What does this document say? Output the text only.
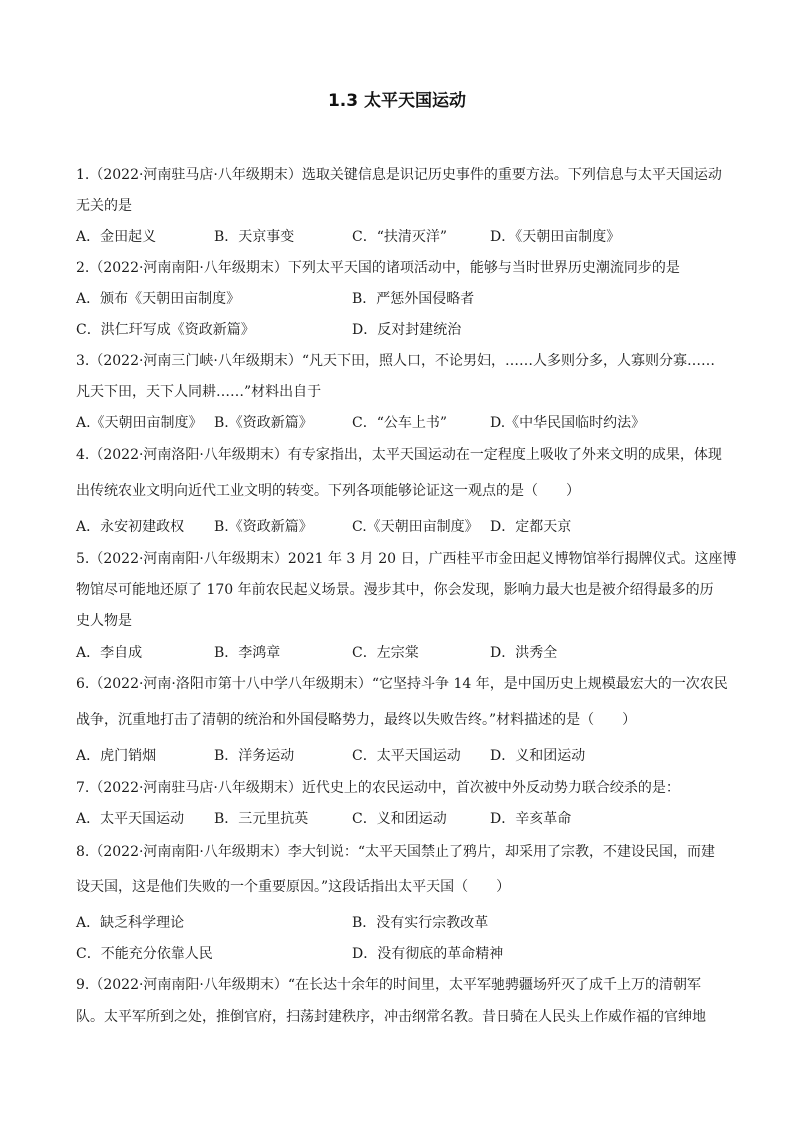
1.3 太平天国运动
1.（2022·河南驻马店·八年级期末）选取关键信息是识记历史事件的重要方法。下列信息与太平天国运动
无关的是
A．金田起义	B．天京事变	C．“扶清灭洋”	D．《天朝田亩制度》
2.（2022·河南南阳·八年级期末）下列太平天国的诸项活动中，能够与当时世界历史潮流同步的是
A．颁布《天朝田亩制度》	B．严惩外国侵略者
C．洪仁玕写成《资政新篇》	D．反对封建统治
3.（2022·河南三门峡·八年级期末）“凡天下田，照人口，不论男妇，……人多则分多，人寡则分寡……
凡天下田，天下人同耕……”材料出自于
A.《天朝田亩制度》 B.《资政新篇》	C．“公车上书”	D.《中华民国临时约法》
4.（2022·河南洛阳·八年级期末）有专家指出，太平天国运动在一定程度上吸收了外来文明的成果，体现
出传统农业文明向近代工业文明的转变。下列各项能够论证这一观点的是（　　）
A．永安初建政权 B.《资政新篇》	C.《天朝田亩制度》 D．定都天京
5.（2022·河南南阳·八年级期末）2021 年 3 月 20 日，广西桂平市金田起义博物馆举行揭牌仪式。这座博
物馆尽可能地还原了 170 年前农民起义场景。漫步其中，你会发现，影响力最大也是被介绍得最多的历
史人物是
A．李自成	B．李鸿章	C．左宗棠	D．洪秀全
6.（2022·河南·洛阳市第十八中学八年级期末）“它坚持斗争 14 年，是中国历史上规模最宏大的一次农民
战争，沉重地打击了清朝的统治和外国侵略势力，最终以失败告终。”材料描述的是（　　）
A．虎门销烟	B．洋务运动	C．太平天国运动 D．义和团运动
7.（2022·河南驻马店·八年级期末）近代史上的农民运动中，首次被中外反动势力联合绞杀的是：
A．太平天国运动 B．三元里抗英	C．义和团运动	D．辛亥革命
8.（2022·河南南阳·八年级期末）李大钊说：“太平天国禁止了鸦片，却采用了宗教，不建设民国，而建
设天国，这是他们失败的一个重要原因。”这段话指出太平天国（　　）
A．缺乏科学理论	B．没有实行宗教改革
C．不能充分依靠人民	D．没有彻底的革命精神
9.（2022·河南南阳·八年级期末）“在长达十余年的时间里，太平军驰骋疆场歼灭了成千上万的清朝军
队。太平军所到之处，推倒官府，扫荡封建秩序，冲击纲常名教。昔日骑在人民头上作威作福的官绅地
